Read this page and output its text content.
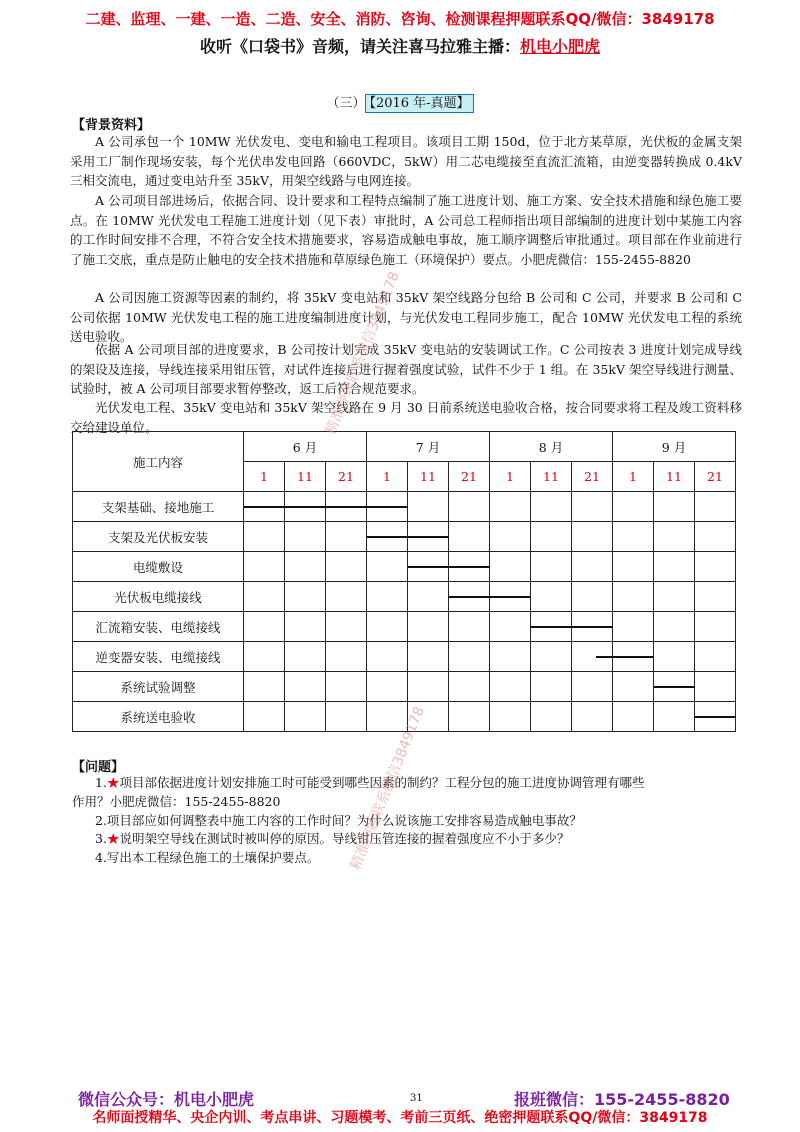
二建、监理、一建、一造、二造、安全、消防、咨询、检测课程押题联系QQ/微信：3849178
收听《口袋书》音频，请关注喜马拉雅主播：机电小肥虎
（三） 【2016 年-真题】
【背景资料】
A 公司承包一个 10MW 光伏发电、变电和输电工程项目。该项目工期 150d，位于北方某草原，光伏板的金属支架采用工厂制作现场安装，每个光伏串发电回路（660VDC，5kW）用二芯电缆接至直流汇流箱，由逆变器转换成 0.4kV 三相交流电，通过变电站升至 35kV，用架空线路与电网连接。
A 公司项目部进场后，依据合同、设计要求和工程特点编制了施工进度计划、施工方案、安全技术措施和绿色施工要点。在 10MW 光伏发电工程施工进度计划（见下表）审批时，A 公司总工程师指出项目部编制的进度计划中某施工内容的工作时间安排不合理，不符合安全技术措施要求，容易造成触电事故，施工顺序调整后审批通过。项目部在作业前进行了施工交底，重点是防止触电的安全技术措施和草原绿色施工（环境保护）要点。小肥虎微信：155-2455-8820
A 公司因施工资源等因素的制约，将 35kV 变电站和 35kV 架空线路分包给 B 公司和 C 公司，并要求 B 公司和 C 公司依据 10MW 光伏发电工程的施工进度编制进度计划，与光伏发电工程同步施工，配合 10MW 光伏发电工程的系统送电验收。
依据 A 公司项目部的进度要求，B 公司按计划完成 35kV 变电站的安装调试工作。C 公司按表 3 进度计划完成导线的架设及连接，导线连接采用钳压管，对试件连接后进行握着强度试验，试件不少于 1 组。在 35kV 架空导线进行测量、试验时，被 A 公司项目部要求暂停整改，返工后符合规范要求。
光伏发电工程、35kV 变电站和 35kV 架空线路在 9 月 30 日前系统送电验收合格，按合同要求将工程及竣工资料移交给建设单位。
施工内容	6 月			7 月			8 月			9 月		
	1	11	21	1	11	21	1	11	21	1	11	21
支架基础、接地施工												
支架及光伏板安装												
电缆敷设												
光伏板电缆接线												
汇流箱安装、电缆接线												
逆变器安装、电缆接线												
系统试验调整												
系统送电验收												
【问题】
1.★项目部依据进度计划安排施工时可能受到哪些因素的制约？工程分包的施工进度协调管理有哪些
作用？小肥虎微信：155-2455-8820
2.项目部应如何调整表中施工内容的工作时间？为什么说该施工安排容易造成触电事故？
3.★说明架空导线在测试时被叫停的原因。导线钳压管连接的握着强度应不小于多少？
4.写出本工程绿色施工的土壤保护要点。
精准押题联系微信3849178
精准押题联系微信3849178
微信公众号：机电小肥虎	31	报班微信：155-2455-8820
名师面授精华、央企内训、考点串讲、习题模考、考前三页纸、绝密押题联系QQ/微信：3849178
